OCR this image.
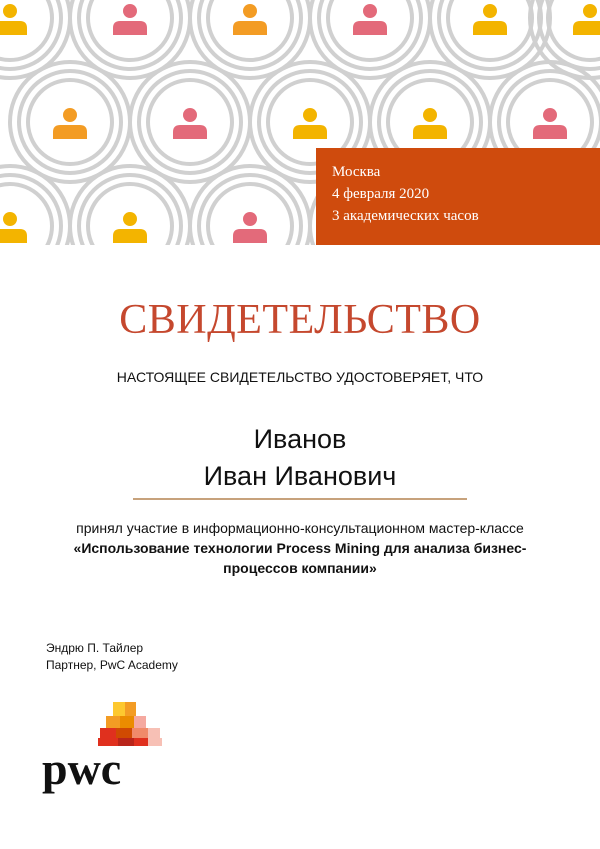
Москва
4 февраля 2020
3 академических часов
СВИДЕТЕЛЬСТВО
НАСТОЯЩЕЕ СВИДЕТЕЛЬСТВО УДОСТОВЕРЯЕТ, ЧТО
Иванов
Иван Иванович
принял участие в информационно-консультационном мастер-классе «Использование технологии Process Mining для анализа бизнес-процессов компании»
Эндрю П. Тайлер
Партнер, PwC Academy
pwc
